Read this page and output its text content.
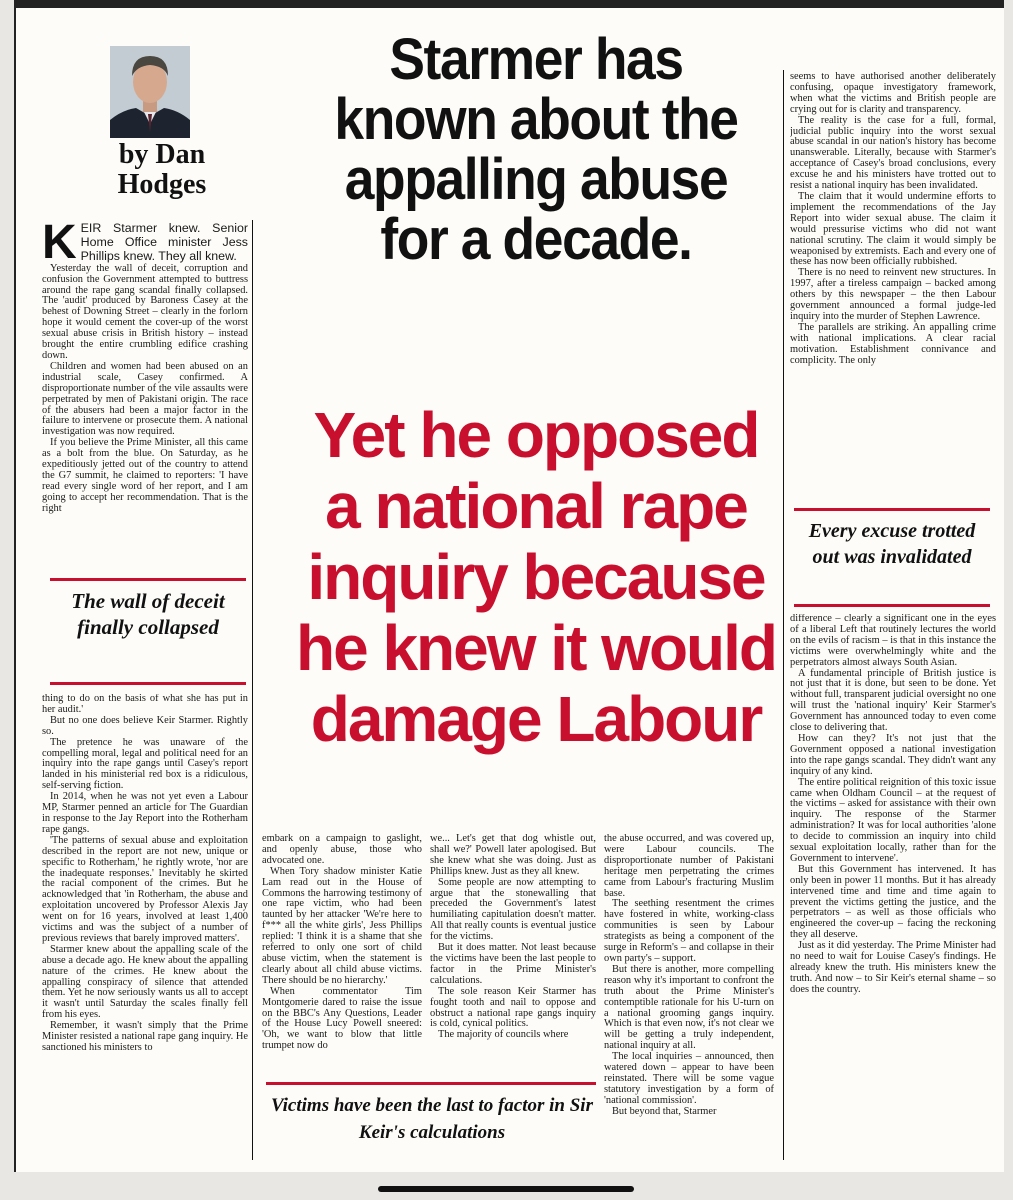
by Dan
Hodges
Starmer has
known about the
appalling abuse
for a decade.
Yet he opposed
a national rape
inquiry because
he knew it would
damage Labour

KEIR Starmer knew. Senior Home Office minister Jess Phillips knew. They all knew.

Yesterday the wall of deceit, corruption and confusion the Government attempted to buttress around the rape gang scandal finally collapsed. The 'audit' produced by Baroness Casey at the behest of Downing Street – clearly in the forlorn hope it would cement the cover-up of the worst sexual abuse crisis in British history – instead brought the entire crumbling edifice crashing down.

Children and women had been abused on an industrial scale, Casey confirmed. A disproportionate number of the vile assaults were perpetrated by men of Pakistani origin. The race of the abusers had been a major factor in the failure to intervene or prosecute them. A national investigation was now required.

If you believe the Prime Minister, all this came as a bolt from the blue. On Saturday, as he expeditiously jetted out of the country to attend the G7 summit, he claimed to reporters: 'I have read every single word of her report, and I am going to accept her recommendation. That is the right

The wall of deceit finally collapsed

thing to do on the basis of what she has put in her audit.'

But no one does believe Keir Starmer. Rightly so.

The pretence he was unaware of the compelling moral, legal and political need for an inquiry into the rape gangs until Casey's report landed in his ministerial red box is a ridiculous, self-serving fiction.

In 2014, when he was not yet even a Labour MP, Starmer penned an article for The Guardian in response to the Jay Report into the Rotherham rape gangs.

'The patterns of sexual abuse and exploitation described in the report are not new, unique or specific to Rotherham,' he rightly wrote, 'nor are the inadequate responses.' Inevitably he skirted the racial component of the crimes. But he acknowledged that 'in Rotherham, the abuse and exploitation uncovered by Professor Alexis Jay went on for 16 years, involved at least 1,400 victims and was the subject of a number of previous reviews that barely improved matters'.

Starmer knew about the appalling scale of the abuse a decade ago. He knew about the appalling nature of the crimes. He knew about the appalling conspiracy of silence that attended them. Yet he now seriously wants us all to accept it wasn't until Saturday the scales finally fell from his eyes.

Remember, it wasn't simply that the Prime Minister resisted a national rape gang inquiry. He sanctioned his ministers to

embark on a campaign to gaslight, and openly abuse, those who advocated one.

When Tory shadow minister Katie Lam read out in the House of Commons the harrowing testimony of one rape victim, who had been taunted by her attacker 'We're here to f*** all the white girls', Jess Phillips replied: 'I think it is a shame that she referred to only one sort of child abuse victim, when the statement is clearly about all child abuse victims. There should be no hierarchy.'

When commentator Tim Montgomerie dared to raise the issue on the BBC's Any Questions, Leader of the House Lucy Powell sneered: 'Oh, we want to blow that little trumpet now do

we... Let's get that dog whistle out, shall we?' Powell later apologised. But she knew what she was doing. Just as Phillips knew. Just as they all knew.

Some people are now attempting to argue that the stonewalling that preceded the Government's latest humiliating capitulation doesn't matter. All that really counts is eventual justice for the victims.

But it does matter. Not least because the victims have been the last people to factor in the Prime Minister's calculations.

The sole reason Keir Starmer has fought tooth and nail to oppose and obstruct a national rape gangs inquiry is cold, cynical politics.

The majority of councils where

Victims have been the last to factor in Sir Keir's calculations

the abuse occurred, and was covered up, were Labour councils. The disproportionate number of Pakistani heritage men perpetrating the crimes came from Labour's fracturing Muslim base.

The seething resentment the crimes have fostered in white, working-class communities is seen by Labour strategists as being a component of the surge in Reform's – and collapse in their own party's – support.

But there is another, more compelling reason why it's important to confront the truth about the Prime Minister's contemptible rationale for his U-turn on a national grooming gangs inquiry. Which is that even now, it's not clear we will be getting a truly independent, national inquiry at all.

The local inquiries – announced, then watered down – appear to have been reinstated. There will be some vague statutory investigation by a form of 'national commission'.

But beyond that, Starmer

seems to have authorised another deliberately confusing, opaque investigatory framework, when what the victims and British people are crying out for is clarity and transparency.

The reality is the case for a full, formal, judicial public inquiry into the worst sexual abuse scandal in our nation's history has become unanswerable. Literally, because with Starmer's acceptance of Casey's broad conclusions, every excuse he and his ministers have trotted out to resist a national inquiry has been invalidated.

The claim that it would undermine efforts to implement the recommendations of the Jay Report into wider sexual abuse. The claim it would pressurise victims who did not want national scrutiny. The claim it would simply be weaponised by extremists. Each and every one of these has now been officially rubbished.

There is no need to reinvent new structures. In 1997, after a tireless campaign – backed among others by this newspaper – the then Labour government announced a formal judge-led inquiry into the murder of Stephen Lawrence.

The parallels are striking. An appalling crime with national implications. A clear racial motivation. Establishment connivance and complicity. The only

Every excuse trotted out was invalidated

difference – clearly a significant one in the eyes of a liberal Left that routinely lectures the world on the evils of racism – is that in this instance the victims were overwhelmingly white and the perpetrators almost always South Asian.

A fundamental principle of British justice is not just that it is done, but seen to be done. Yet without full, transparent judicial oversight no one will trust the 'national inquiry' Keir Starmer's Government has announced today to even come close to delivering that.

How can they? It's not just that the Government opposed a national investigation into the rape gangs scandal. They didn't want any inquiry of any kind.

The entire political reignition of this toxic issue came when Oldham Council – at the request of the victims – asked for assistance with their own inquiry. The response of the Starmer administration? It was for local authorities 'alone to decide to commission an inquiry into child sexual exploitation locally, rather than for the Government to intervene'.

But this Government has intervened. It has only been in power 11 months. But it has already intervened time and time and time again to prevent the victims getting the justice, and the perpetrators – as well as those officials who engineered the cover-up – facing the reckoning they all deserve.

Just as it did yesterday. The Prime Minister had no need to wait for Louise Casey's findings. He already knew the truth. His ministers knew the truth. And now – to Sir Keir's eternal shame – so does the country.
